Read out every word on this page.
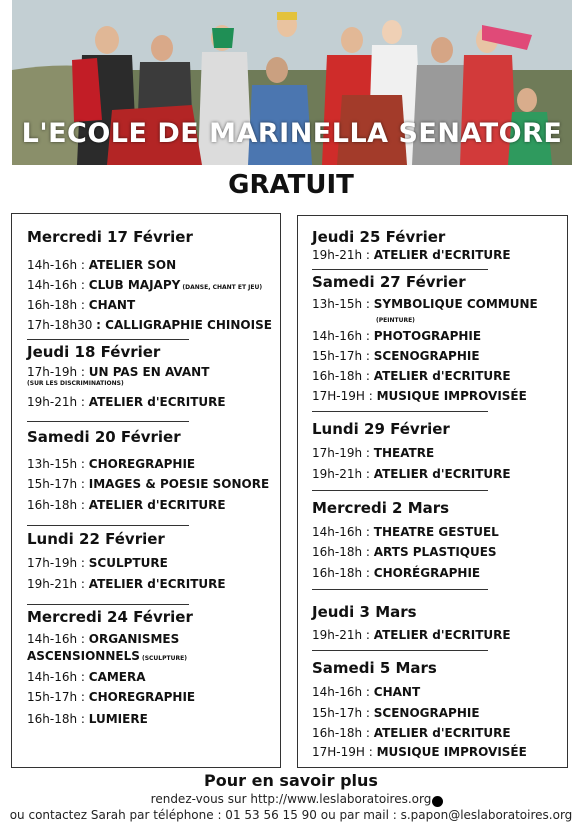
L'ECOLE DE MARINELLA SENATORE
GRATUIT
Mercredi 17 Février
14h-16h : ATELIER SON
14h-16h : CLUB MAJAPY (DANSE, CHANT ET JEU)
16h-18h : CHANT
17h-18h30 : CALLIGRAPHIE CHINOISE
Jeudi 18 Février
17h-19h : UN PAS EN AVANT
19h-21h : ATELIER d'ECRITURE
(SUR LES DISCRIMINATIONS)
Samedi 20 Février
13h-15h : CHOREGRAPHIE
15h-17h : IMAGES & POESIE SONORE
16h-18h : ATELIER d'ECRITURE
Lundi 22 Février
17h-19h : SCULPTURE
19h-21h : ATELIER d'ECRITURE
Mercredi 24 Février
14h-16h : ORGANISMES
ASCENSIONNELS (SCULPTURE)
14h-16h : CAMERA
15h-17h : CHOREGRAPHIE
16h-18h : LUMIERE
Jeudi 25 Février
19h-21h : ATELIER d'ECRITURE
Samedi 27 Février
13h-15h : SYMBOLIQUE COMMUNE
14h-16h : PHOTOGRAPHIE
15h-17h : SCENOGRAPHIE
16h-18h : ATELIER d'ECRITURE
17H-19H : MUSIQUE IMPROVISÉE
(PEINTURE)
Lundi 29 Février
17h-19h : THEATRE
19h-21h : ATELIER d'ECRITURE
Mercredi 2 Mars
14h-16h : THEATRE GESTUEL
16h-18h : ARTS PLASTIQUES
16h-18h : CHORÉGRAPHIE
Jeudi 3 Mars
19h-21h : ATELIER d'ECRITURE
Samedi 5 Mars
14h-16h : CHANT
15h-17h : SCENOGRAPHIE
16h-18h : ATELIER d'ECRITURE
17H-19H : MUSIQUE IMPROVISÉE
Pour en savoir plus
rendez-vous sur http://www.leslaboratoires.org
ou contactez Sarah par téléphone : 01 53 56 15 90 ou par mail : s.papon@leslaboratoires.org
